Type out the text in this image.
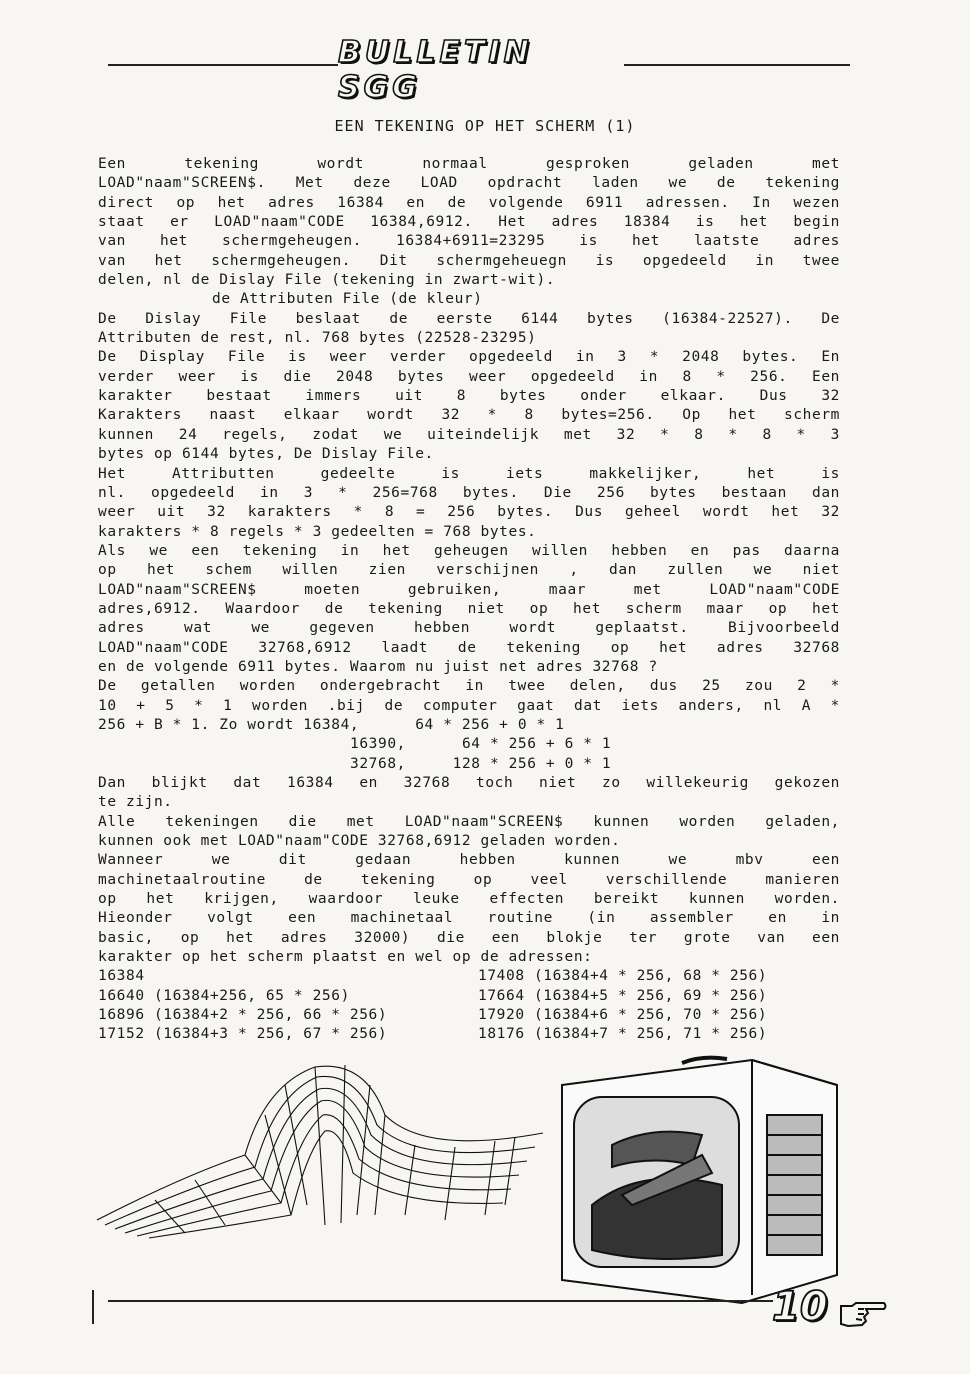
BULLETIN SGG
EEN TEKENING OP HET SCHERM (1)
Een tekening wordt normaal gesproken geladen met
LOAD"naam"SCREEN$. Met deze LOAD opdracht laden we de tekening
direct op het adres 16384 en de volgende 6911 adressen. In wezen
staat er LOAD"naam"CODE 16384,6912. Het adres 18384 is het begin
van het schermgeheugen. 16384+6911=23295 is het laatste adres
van het schermgeheugen. Dit schermgeheuegn is opgedeeld in twee
delen, nl de Dislay File (tekening in zwart-wit).
de Attributen File (de kleur)
De Dislay File beslaat de eerste 6144 bytes (16384-22527). De
Attributen de rest, nl. 768 bytes (22528-23295)
De Display File is weer verder opgedeeld in 3 * 2048 bytes. En
verder weer is die 2048 bytes weer opgedeeld in 8 * 256. Een
karakter bestaat immers uit 8 bytes onder elkaar. Dus 32
Karakters naast elkaar wordt 32 * 8 bytes=256. Op het scherm
kunnen 24 regels, zodat we uiteindelijk met 32 * 8 * 8 * 3
bytes op 6144 bytes, De Dislay File.
Het Attributten gedeelte is iets makkelijker, het is
nl. opgedeeld in 3 * 256=768 bytes. Die 256 bytes bestaan dan
weer uit 32 karakters * 8 = 256 bytes. Dus geheel wordt het 32
karakters * 8 regels * 3 gedeelten = 768 bytes.
Als we een tekening in het geheugen willen hebben en pas daarna
op het schem willen zien verschijnen , dan zullen we niet
LOAD"naam"SCREEN$ moeten gebruiken, maar met LOAD"naam"CODE
adres,6912. Waardoor de tekening niet op het scherm maar op het
adres wat we gegeven hebben wordt geplaatst. Bijvoorbeeld
LOAD"naam"CODE 32768,6912 laadt de tekening op het adres 32768
en de volgende 6911 bytes. Waarom nu juist net adres 32768 ?
De getallen worden ondergebracht in twee delen, dus 25 zou 2 *
10 + 5 * 1 worden .bij de computer gaat dat iets anders, nl A *
256 + B * 1. Zo wordt 16384,      64 * 256 + 0 * 1
16390,      64 * 256 + 6 * 1
32768,     128 * 256 + 0 * 1
Dan blijkt dat 16384 en 32768 toch niet zo willekeurig gekozen
te zijn.
Alle tekeningen die met LOAD"naam"SCREEN$ kunnen worden geladen,
kunnen ook met LOAD"naam"CODE 32768,6912 geladen worden.
Wanneer we dit gedaan hebben kunnen we mbv een
machinetaalroutine de tekening op veel verschillende manieren
op het krijgen, waardoor leuke effecten bereikt kunnen worden.
Hieonder volgt een machinetaal routine (in assembler en in
basic, op het adres 32000) die een blokje ter grote van een
karakter op het scherm plaatst en wel op de adressen:
16384	17408 (16384+4 * 256, 68 * 256)
16640 (16384+256, 65 * 256)	17664 (16384+5 * 256, 69 * 256)
16896 (16384+2 * 256, 66 * 256)	17920 (16384+6 * 256, 70 * 256)
17152 (16384+3 * 256, 67 * 256)	18176 (16384+7 * 256, 71 * 256)
10
